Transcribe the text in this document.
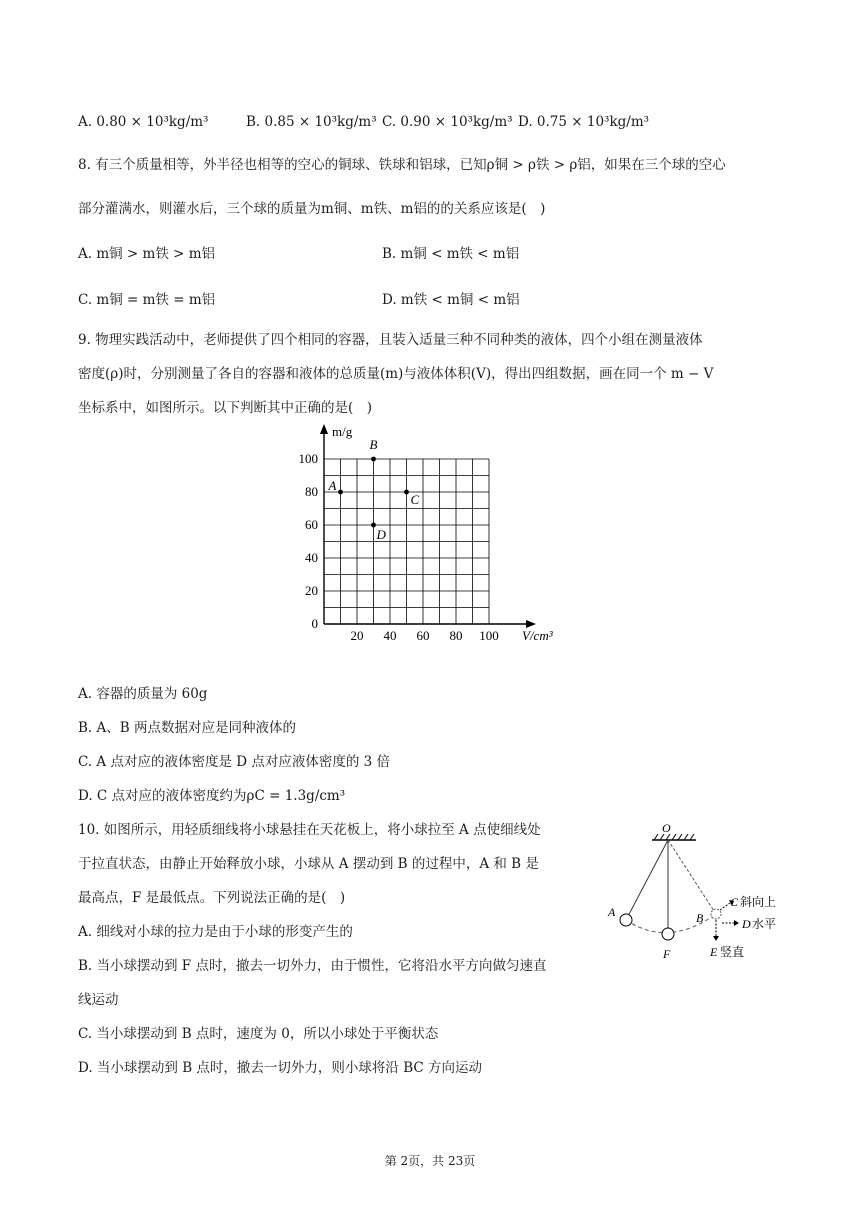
A. 0.80 × 10³kg/m³	B. 0.85 × 10³kg/m³ C. 0.90 × 10³kg/m³ D. 0.75 × 10³kg/m³
8. 有三个质量相等，外半径也相等的空心的铜球、铁球和铝球，已知ρ铜 > ρ铁 > ρ铝，如果在三个球的空心
部分灌满水，则灌水后，三个球的质量为m铜、m铁、m铝的的关系应该是(　)
A. m铜 > m铁 > m铝	B. m铜 < m铁 < m铝
C. m铜 = m铁 = m铝	D. m铁 < m铜 < m铝
9. 物理实践活动中，老师提供了四个相同的容器，且装入适量三种不同种类的液体，四个小组在测量液体
密度(ρ)时，分别测量了各自的容器和液体的总质量(m)与液体体积(V)，得出四组数据，画在同一个 m − V
坐标系中，如图所示。以下判断其中正确的是(　)
m/g
V/cm³
20 40 60 80 100
0
20
40
60
80
100
A
B
C
D
A. 容器的质量为 60g
B. A、B 两点数据对应是同种液体的
C. A 点对应的液体密度是 D 点对应液体密度的 3 倍
D. C 点对应的液体密度约为ρC = 1.3g/cm³
10. 如图所示，用轻质细线将小球悬挂在天花板上，将小球拉至 A 点使细线处
于拉直状态，由静止开始释放小球，小球从 A 摆动到 B 的过程中，A 和 B 是
最高点，F 是最低点。下列说法正确的是(　)
A. 细线对小球的拉力是由于小球的形变产生的
B. 当小球摆动到 F 点时，撤去一切外力，由于惯性，它将沿水平方向做匀速直
线运动
C. 当小球摆动到 B 点时，速度为 0，所以小球处于平衡状态
D. 当小球摆动到 B 点时，撤去一切外力，则小球将沿 BC 方向运动
O
A
F
B
C 斜向上
D 水平
E 竖直
第 2页，共 23页
